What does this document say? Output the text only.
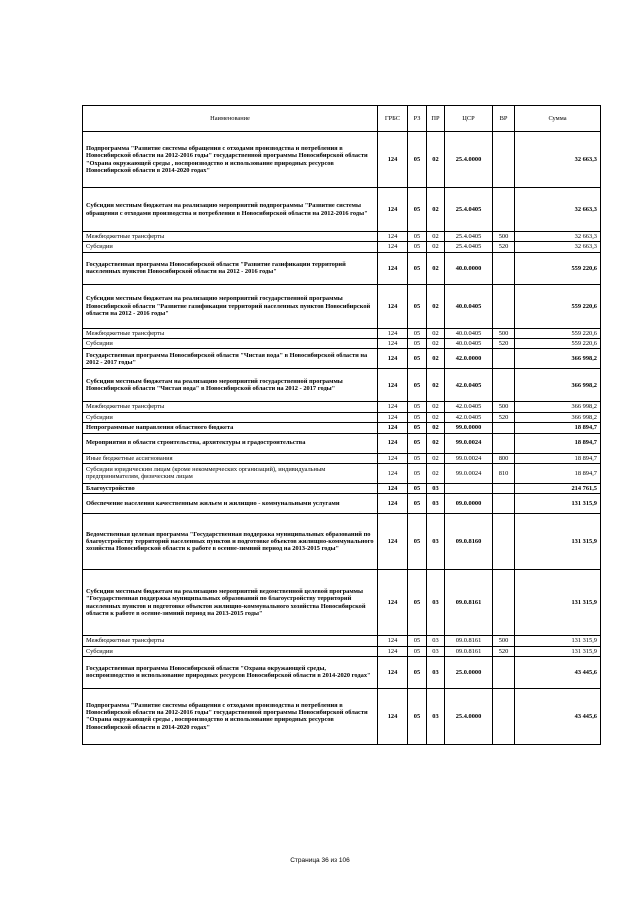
Наименование	ГРБС	РЗ	ПР	ЦСР	ВР	Сумма
Подпрограмма "Развитие системы обращения с отходами производства и потребления в Новосибирской области на 2012-2016 годы" государственной программы Новосибирской области "Охрана окружающей среды , воспроизводство и использование природных ресурсов Новосибирской области в 2014-2020 годах"	124	05	02	25.4.0000		32 663,3
Субсидии местным бюджетам на реализацию мероприятий подпрограммы "Развитие системы обращения с отходами производства и потребления в Новосибирской области на 2012-2016 годы"	124	05	02	25.4.0405		32 663,3
Межбюджетные трансферты	124	05	02	25.4.0405	500	32 663,3
Субсидии	124	05	02	25.4.0405	520	32 663,3
Государственная программа Новосибирской области "Развитие газификации территорий населенных пунктов Новосибирской области на 2012 - 2016 годы"	124	05	02	40.0.0000		559 220,6
Субсидии местным бюджетам на реализацию мероприятий государственной программы Новосибирской области "Развитие газификации территорий населенных пунктов Новосибирской области на 2012 - 2016 годы"	124	05	02	40.0.0405		559 220,6
Межбюджетные трансферты	124	05	02	40.0.0405	500	559 220,6
Субсидии	124	05	02	40.0.0405	520	559 220,6
Государственная программа Новосибирской области "Чистая вода" в Новосибирской области на 2012 - 2017 годы"	124	05	02	42.0.0000		366 998,2
Субсидии местным бюджетам на реализацию мероприятий государственной программы Новосибирской области "Чистая вода" в Новосибирской области на 2012 - 2017 годы"	124	05	02	42.0.0405		366 998,2
Межбюджетные трансферты	124	05	02	42.0.0405	500	366 998,2
Субсидии	124	05	02	42.0.0405	520	366 998,2
Непрограммные направления областного бюджета	124	05	02	99.0.0000		18 894,7
Мероприятия в области строительства, архитектуры и градостроительства	124	05	02	99.0.0024		18 894,7
Иные бюджетные ассигнования	124	05	02	99.0.0024	800	18 894,7
Субсидии юридическим лицам (кроме некоммерческих организаций), индивидуальным предпринимателям, физическим лицам	124	05	02	99.0.0024	810	18 894,7
Благоустройство	124	05	03			214 761,5
Обеспечение населения качественным жильем и жилищно - коммунальными услугами	124	05	03	09.0.0000		131 315,9
Ведомственная целевая программа "Государственная поддержка муниципальных образований по благоустройству территорий населенных пунктов и подготовке объектов жилищно-коммунального хозяйства Новосибирской области к работе в осенне-зимний период на 2013-2015 годы"	124	05	03	09.0.8160		131 315,9
Субсидии местным бюджетам на реализацию мероприятий ведомственной целевой программы "Государственная поддержка муниципальных образований по благоустройству территорий населенных пунктов и подготовке объектов жилищно-коммунального хозяйства Новосибирской области к работе в осенне-зимний период на 2013-2015 годы"	124	05	03	09.0.8161		131 315,9
Межбюджетные трансферты	124	05	03	09.0.8161	500	131 315,9
Субсидии	124	05	03	09.0.8161	520	131 315,9
Государственная программа Новосибирской области "Охрана окружающей среды, воспроизводство и использование природных ресурсов Новосибирской области в 2014-2020 годах"	124	05	03	25.0.0000		43 445,6
Подпрограмма "Развитие системы обращения с отходами производства и потребления в Новосибирской области на 2012-2016 годы" государственной программы Новосибирской области "Охрана окружающей среды , воспроизводство и использование природных ресурсов Новосибирской области в 2014-2020 годах"	124	05	03	25.4.0000		43 445,6
Страница 36 из 106
